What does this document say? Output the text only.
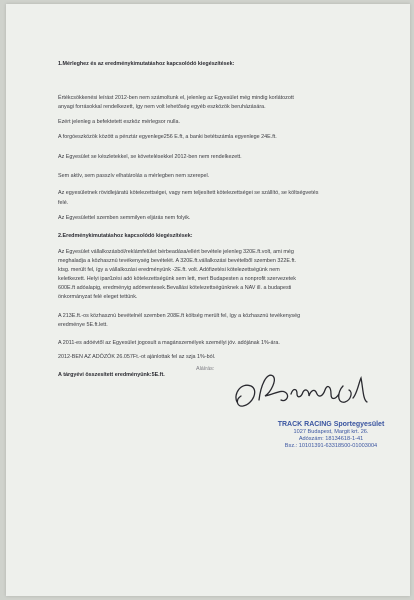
1.Mérleghez és az eredménykimutatáshoz kapcsolódó kiegészítések:
Értékcsökkenési leírást 2012-ben nem számoltunk el, jelenleg az Egyesület még mindig korlátozott
anyagi forrásokkal rendelkezett, így nem volt lehetőség egyéb eszközök beruházására.
Ezért jelenleg a befektetett eszköz mérlegsor nulla.
A forgóeszközök között a pénztár egyenlege256 E.ft, a banki betétszámla egyenlege 24E.ft.
Az Egyesület se készletekkel, se követelésekkel 2012-ben nem rendelkezett.
Sem aktív, sem passzív elhatárolás a mérlegben nem szerepel.
Az egyesületnek rövidlejáratú kötelezettségei, vagy nem teljesített kötelezettségei se szállító, se költségvetés
felé.
Az Egyesülettel szemben semmilyen eljárás nem folyik.
2.Eredménykimutatáshoz kapcsolódó kiegészítések:
Az Egyesület vállalkozásból/reklámfelület bérbeadása/ellért bevétele jelenleg 320E.ft.volt, ami még
meghaladja a közhasznú tevékenység bevételét. A 320E.ft.vállalkozási bevételből szemben 322E.ft.
ktsg. merült fel, így a vállalkozási eredményünk -2E.ft. volt. Adófizetési kötelezettségünk nem
keletkezett. Helyi iparűzési adó kötelezettségünk sem lett, mert Budapesten a nonprofit szervezetek
600E.ft adóalapig, eredményig adómentesek.Bevallási kötelezettségünknek a NAV ill. a budapesti
önkormányzat felé eleget tettünk.
A 213E.ft.-os közhasznú bevételnél szemben 208E.ft költség merült fel, így a közhasznú tevékenység
eredménye 5E.ft.lett.
A 2011-es adóévtől az Egyesület jogosult a magánszemélyek személyi jöv. adójának 1%-ára.
2012-BEN AZ ADÓZÓK 26.057Ft.-ot ajánlottak fel az szja 1%-ból.
A tárgyévi összesített eredményünk:5E.ft.
Aláírás:
TRACK RACING Sportegyesület
1027 Budapest, Margit krt. 26.
Adószám: 18134618-1-41
Bsz.: 10101391-63318500-01003004
